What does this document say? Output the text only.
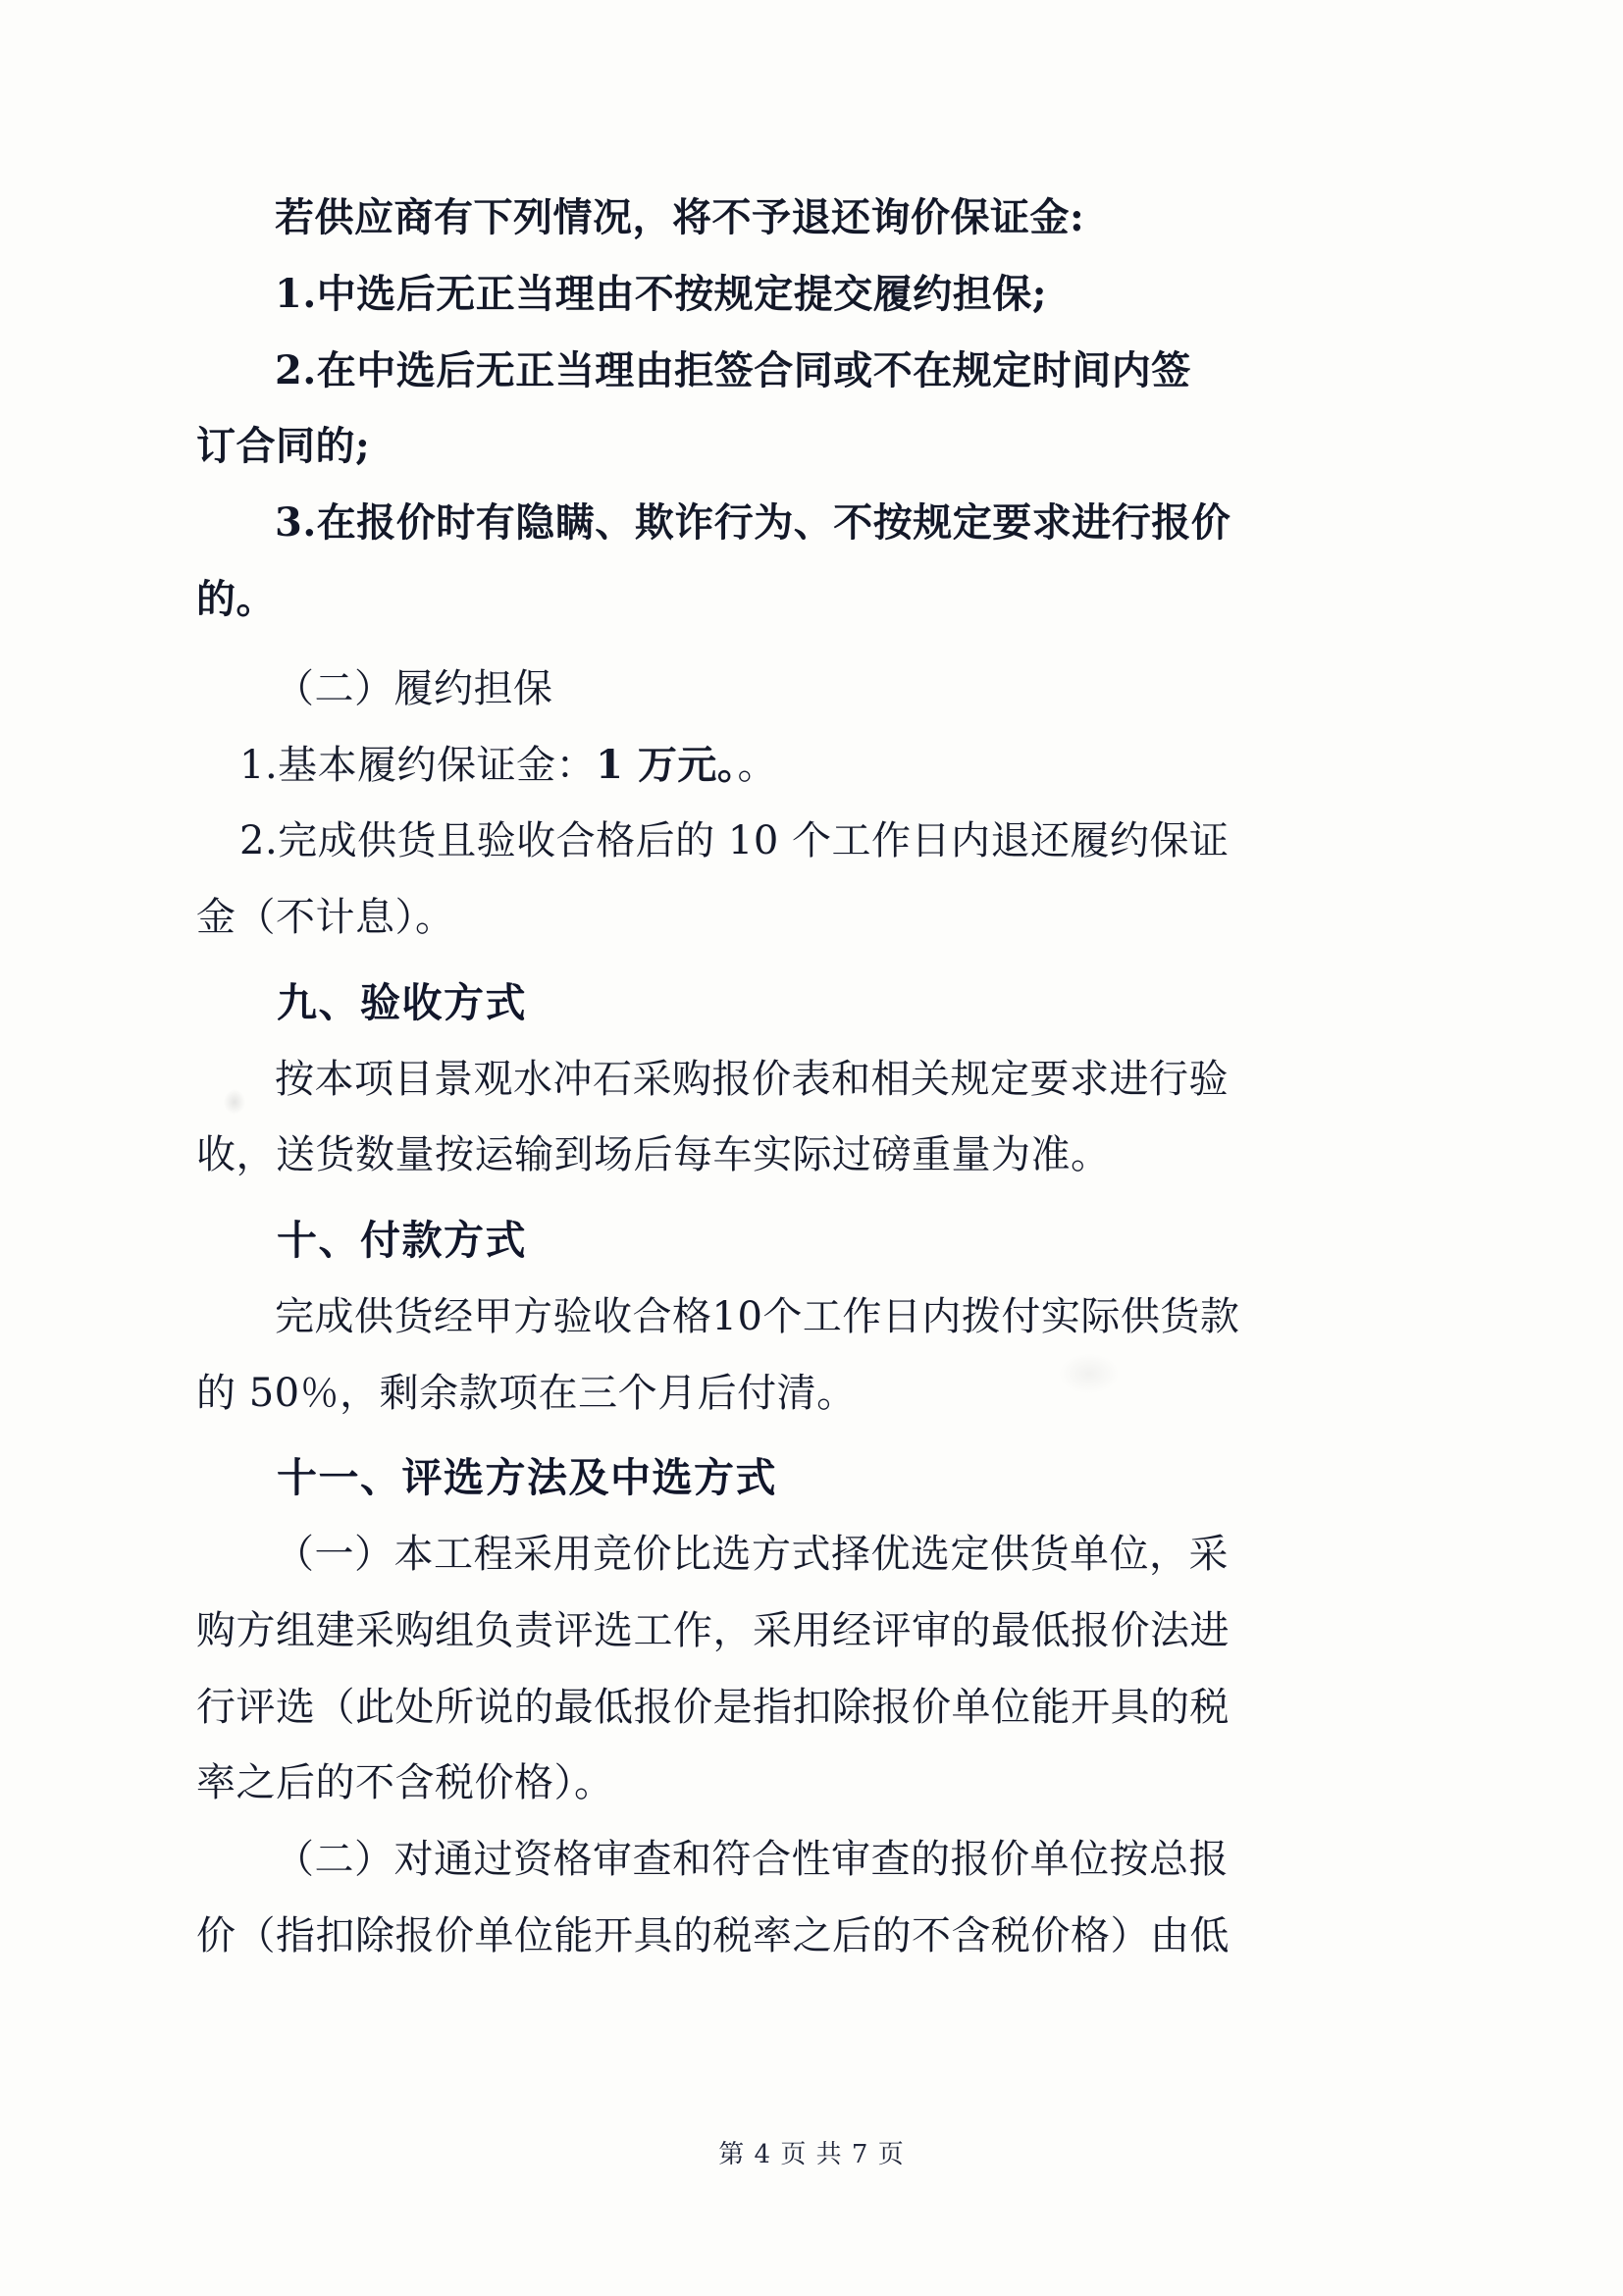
若供应商有下列情况，将不予退还询价保证金:

1.中选后无正当理由不按规定提交履约担保;

2.在中选后无正当理由拒签合同或不在规定时间内签

订合同的;

3.在报价时有隐瞒、欺诈行为、不按规定要求进行报价

的。

（二）履约担保

1.基本履约保证金：1 万元。。

2.完成供货且验收合格后的 10 个工作日内退还履约保证

金（不计息）。

九、验收方式

按本项目景观水冲石采购报价表和相关规定要求进行验

收，送货数量按运输到场后每车实际过磅重量为准。

十、付款方式

完成供货经甲方验收合格10个工作日内拨付实际供货款

的 50％，剩余款项在三个月后付清。

十一、评选方法及中选方式

（一）本工程采用竞价比选方式择优选定供货单位，采

购方组建采购组负责评选工作，采用经评审的最低报价法进

行评选（此处所说的最低报价是指扣除报价单位能开具的税

率之后的不含税价格）。

（二）对通过资格审查和符合性审查的报价单位按总报

价（指扣除报价单位能开具的税率之后的不含税价格）由低

第 4 页 共 7 页
